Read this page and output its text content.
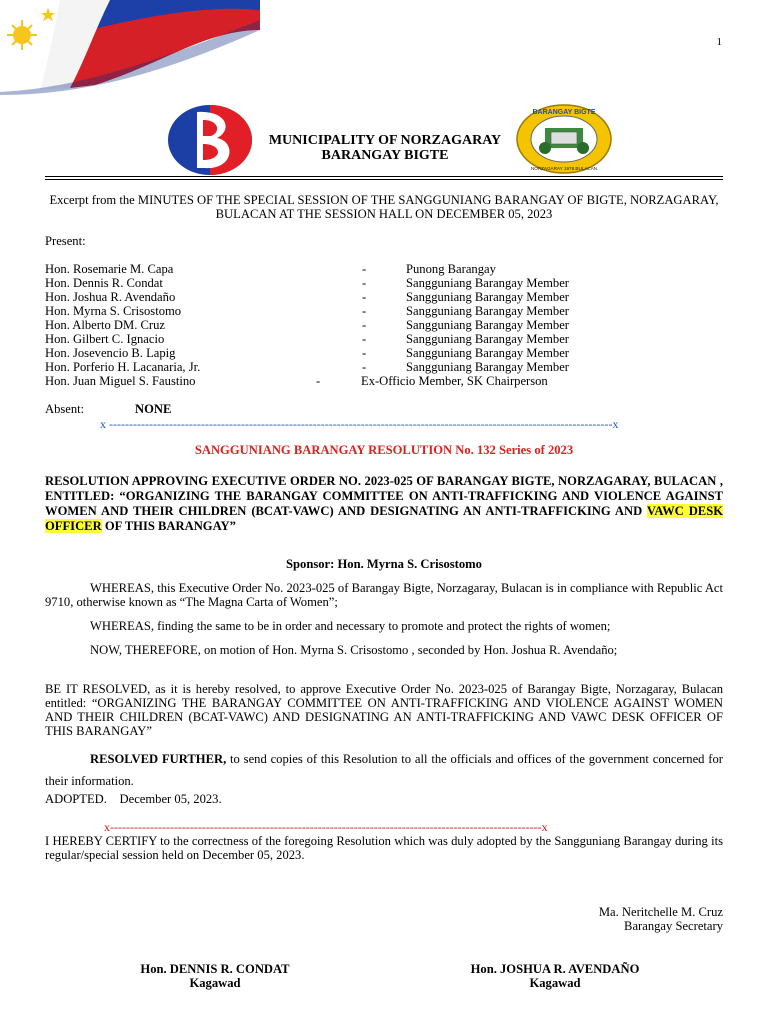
1
MUNICIPALITY OF NORZAGARAY
BARANGAY BIGTE
BARANGAY BIGTE
NORZAGARAY 1976 BULACAN
Excerpt from the MINUTES OF THE SPECIAL SESSION OF THE SANGGUNIANG BARANGAY OF BIGTE, NORZAGARAY, BULACAN AT THE SESSION HALL ON DECEMBER 05, 2023
Present:
Hon. Rosemarie M. Capa	-	Punong Barangay
Hon. Dennis R. Condat	-	Sangguniang Barangay Member
Hon. Joshua R. Avendaño	-	Sangguniang Barangay Member
Hon. Myrna S. Crisostomo	-	Sangguniang Barangay Member
Hon. Alberto DM. Cruz	-	Sangguniang Barangay Member
Hon. Gilbert C. Ignacio	-	Sangguniang Barangay Member
Hon. Josevencio B. Lapig	-	Sangguniang Barangay Member
Hon. Porferio H. Lacanaria, Jr.	-	Sangguniang Barangay Member
Hon. Juan Miguel S. Faustino	-	Ex-Officio Member, SK Chairperson
Absent:	NONE
x ------------------------------------------------------------------------------------------------------------------------------x
SANGGUNIANG BARANGAY RESOLUTION No. 132 Series of 2023
RESOLUTION APPROVING EXECUTIVE ORDER NO. 2023-025 OF BARANGAY BIGTE, NORZAGARAY, BULACAN , ENTITLED: “ORGANIZING THE BARANGAY COMMITTEE ON ANTI-TRAFFICKING AND VIOLENCE AGAINST WOMEN AND THEIR CHILDREN (BCAT-VAWC) AND DESIGNATING AN ANTI-TRAFFICKING AND VAWC DESK OFFICER OF THIS BARANGAY”
Sponsor: Hon. Myrna S. Crisostomo
WHEREAS, this Executive Order No. 2023-025 of Barangay Bigte, Norzagaray, Bulacan is in compliance with Republic Act 9710, otherwise known as “The Magna Carta of Women”;
WHEREAS, finding the same to be in order and necessary to promote and protect the rights of women;
NOW, THEREFORE, on motion of Hon. Myrna S. Crisostomo , seconded by Hon. Joshua R. Avendaño;
BE IT RESOLVED, as it is hereby resolved, to approve Executive Order No. 2023-025 of Barangay Bigte, Norzagaray, Bulacan entitled: “ORGANIZING THE BARANGAY COMMITTEE ON ANTI-TRAFFICKING AND VIOLENCE AGAINST WOMEN AND THEIR CHILDREN (BCAT-VAWC) AND DESIGNATING AN ANTI-TRAFFICKING AND VAWC DESK OFFICER OF THIS BARANGAY”
RESOLVED FURTHER, to send copies of this Resolution to all the officials and offices of the government concerned for their information.
ADOPTED.    December 05, 2023.
x------------------------------------------------------------------------------------------------------------x
I HEREBY CERTIFY to the correctness of the foregoing Resolution which was duly adopted by the Sangguniang Barangay during its regular/special session held on December 05, 2023.
Ma. Neritchelle M. Cruz
Barangay Secretary
Hon. DENNIS R. CONDAT
Kagawad
Hon. JOSHUA R. AVENDAÑO
Kagawad
